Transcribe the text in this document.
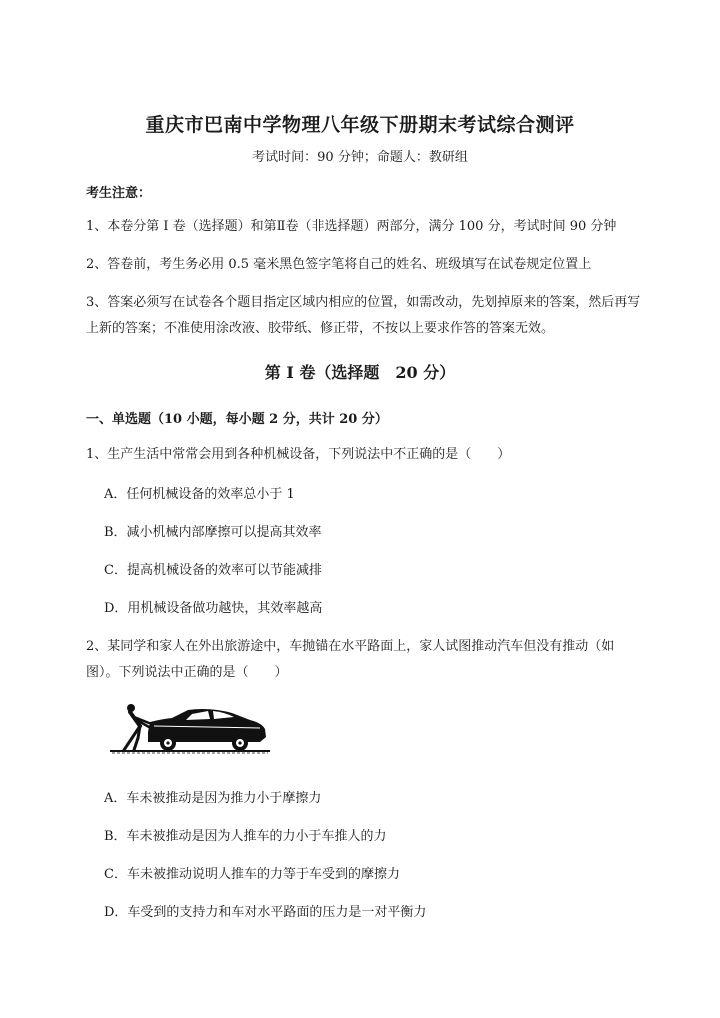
重庆市巴南中学物理八年级下册期末考试综合测评
考试时间：90 分钟；命题人：教研组
考生注意：
1、本卷分第 I 卷（选择题）和第Ⅱ卷（非选择题）两部分，满分 100 分，考试时间 90 分钟
2、答卷前，考生务必用 0.5 毫米黑色签字笔将自己的姓名、班级填写在试卷规定位置上
3、答案必须写在试卷各个题目指定区域内相应的位置，如需改动，先划掉原来的答案，然后再写上新的答案；不准使用涂改液、胶带纸、修正带，不按以上要求作答的答案无效。
第 I 卷（选择题　20 分）
一、单选题（10 小题，每小题 2 分，共计 20 分）
1、生产生活中常常会用到各种机械设备，下列说法中不正确的是（　　）
A．任何机械设备的效率总小于 1
B．减小机械内部摩擦可以提高其效率
C．提高机械设备的效率可以节能减排
D．用机械设备做功越快，其效率越高
2、某同学和家人在外出旅游途中，车抛锚在水平路面上，家人试图推动汽车但没有推动（如图）。下列说法中正确的是（　　）
A．车未被推动是因为推力小于摩擦力
B．车未被推动是因为人推车的力小于车推人的力
C．车未被推动说明人推车的力等于车受到的摩擦力
D．车受到的支持力和车对水平路面的压力是一对平衡力
